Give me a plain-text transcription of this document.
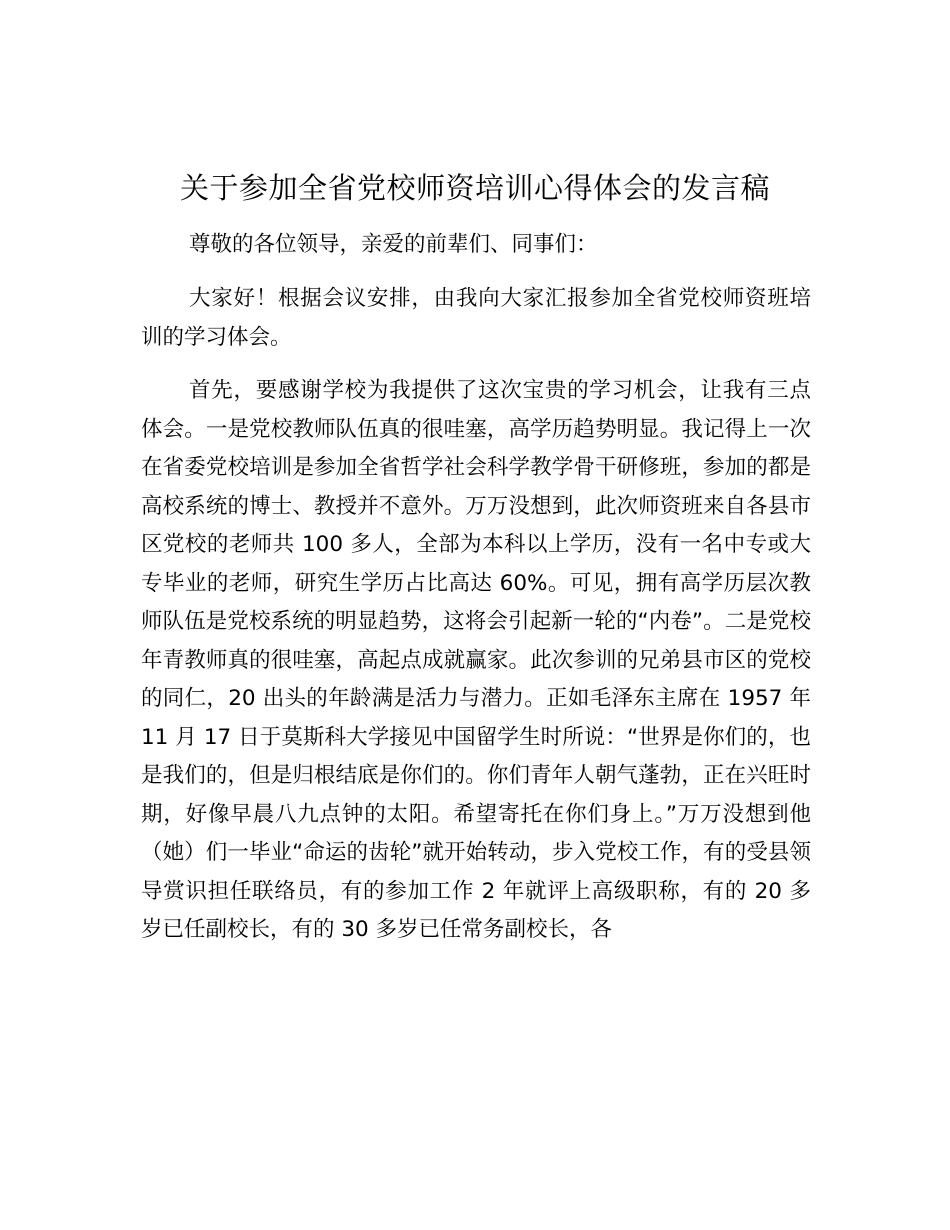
关于参加全省党校师资培训心得体会的发言稿

尊敬的各位领导，亲爱的前辈们、同事们：

大家好！根据会议安排，由我向大家汇报参加全省党校师资班培训的学习体会。

首先，要感谢学校为我提供了这次宝贵的学习机会，让我有三点体会。一是党校教师队伍真的很哇塞，高学历趋势明显。我记得上一次在省委党校培训是参加全省哲学社会科学教学骨干研修班，参加的都是高校系统的博士、教授并不意外。万万没想到，此次师资班来自各县市区党校的老师共 100 多人，全部为本科以上学历，没有一名中专或大专毕业的老师，研究生学历占比高达 60%。可见，拥有高学历层次教师队伍是党校系统的明显趋势，这将会引起新一轮的“内卷”。二是党校年青教师真的很哇塞，高起点成就赢家。此次参训的兄弟县市区的党校的同仁，20 出头的年龄满是活力与潜力。正如毛泽东主席在 1957 年 11 月 17 日于莫斯科大学接见中国留学生时所说：“世界是你们的，也是我们的，但是归根结底是你们的。你们青年人朝气蓬勃，正在兴旺时期，好像早晨八九点钟的太阳。希望寄托在你们身上。”万万没想到他（她）们一毕业“命运的齿轮”就开始转动，步入党校工作，有的受县领导赏识担任联络员，有的参加工作 2 年就评上高级职称，有的 20 多岁已任副校长，有的 30 多岁已任常务副校长，各
